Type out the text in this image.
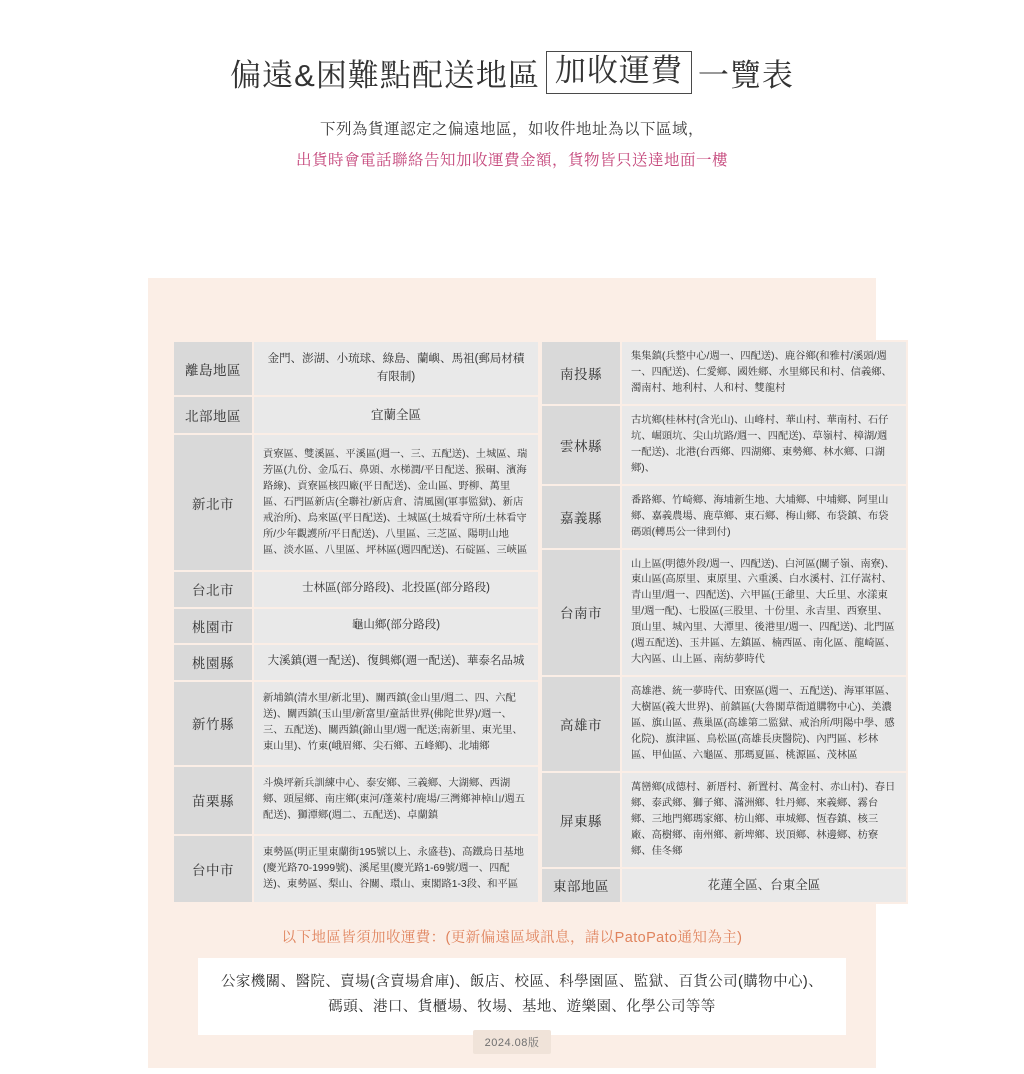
偏遠&困難點配送地區 加收運費 一覽表
下列為貨運認定之偏遠地區，如收件地址為以下區域，
出貨時會電話聯絡告知加收運費金額，貨物皆只送達地面一樓
離島地區	金門、澎湖、小琉球、綠島、蘭嶼、馬祖(郵局材積有限制)
北部地區	宜蘭全區
新北市	貢寮區、雙溪區、平溪區(週一、三、五配送)、土城區、瑞芳區(九份、金瓜石、鼻頭、水梯潤/平日配送、猴硐、濱海路線)、貢寮區核四廠(平日配送)、金山區、野柳、萬里區、石門區新店(全聯社/新店倉、清風園(軍事監獄)、新店戒治所)、烏來區(平日配送)、土城區(土城看守所/土林看守所/少年觀護所/平日配送)、八里區、三芝區、陽明山地區、淡水區、八里區、坪林區(週四配送)、石碇區、三峽區
台北市	士林區(部分路段)、北投區(部分路段)
桃園市	龜山鄉(部分路段)
桃園縣	大溪鎮(週一配送)、復興鄉(週一配送)、華泰名品城
新竹縣	新埔鎮(清水里/新北里)、關西鎮(金山里/週二、四、六配送)、關西鎮(玉山里/新富里/童話世界(佛陀世界)/週一、三、五配送)、關西鎮(錦山里/週一配送;南新里、東光里、東山里)、竹東(峨眉鄉、尖石鄉、五峰鄉)、北埔鄉
苗栗縣	斗煥坪新兵訓練中心、泰安鄉、三義鄉、大湖鄉、西湖鄉、頭屋鄉、南庄鄉(東河/蓬萊村/鹿場/三灣鄉神棹山/週五配送)、獅潭鄉(週二、五配送)、卓蘭鎮
台中市	東勢區(明正里東蘭街195號以上、永盛巷)、高鐵烏日基地(慶光路70-1999號)、溪尾里(慶光路1-69號/週一、四配送)、東勢區、梨山、谷關、環山、東閣路1-3段、和平區
南投縣	集集鎮(兵整中心/週一、四配送)、鹿谷鄉(和雅村/溪頭/週一、四配送)、仁愛鄉、國姓鄉、水里鄉民和村、信義鄉、濁南村、地利村、人和村、雙龍村
雲林縣	古坑鄉(桂林村(含光山)、山峰村、華山村、華南村、石仔坑、崛頭坑、尖山坑路/週一、四配送)、草嶺村、樟湖/週一配送)、北港(台西鄉、四湖鄉、東勢鄉、林水鄉、口湖鄉)、
嘉義縣	番路鄉、竹崎鄉、海埔新生地、大埔鄉、中埔鄉、阿里山鄉、嘉義農場、鹿草鄉、東石鄉、梅山鄉、布袋鎮、布袋碼頭(轉馬公一律到付)
台南市	山上區(明德外段/週一、四配送)、白河區(關子嶺、南寮)、東山區(高原里、東原里、六重溪、白水溪村、江仔嵩村、青山里/週一、四配送)、六甲區(王爺里、大丘里、水漾東里/週一配)、七股區(三股里、十份里、永吉里、西寮里、頂山里、城內里、大潭里、後港里/週一、四配送)、北門區(週五配送)、玉井區、左鎮區、楠西區、南化區、龍崎區、大內區、山上區、南紡夢時代
高雄市	高雄港、統一夢時代、田寮區(週一、五配送)、海軍軍區、大樹區(義大世界)、前鎮區(大魯閣草衙道購物中心)、美濃區、旗山區、燕巢區(高雄第二監獄、戒治所/明陽中學、感化院)、旗津區、鳥松區(高雄長庚醫院)、內門區、杉林區、甲仙區、六龜區、那瑪夏區、桃源區、茂林區
屏東縣	萬巒鄉(成德村、新厝村、新置村、萬金村、赤山村)、春日鄉、泰武鄉、獅子鄉、滿洲鄉、牡丹鄉、來義鄉、霧台鄉、三地門鄉瑪家鄉、枋山鄉、車城鄉、恆春鎮、核三廠、高樹鄉、南州鄉、新埤鄉、崁頂鄉、林邊鄉、枋寮鄉、佳冬鄉
東部地區	花蓮全區、台東全區
以下地區皆須加收運費：(更新偏遠區域訊息，請以PatoPato通知為主)
公家機關、醫院、賣場(含賣場倉庫)、飯店、校區、科學園區、監獄、百貨公司(購物中心)、
碼頭、港口、貨櫃場、牧場、基地、遊樂園、化學公司等等
2024.08版
